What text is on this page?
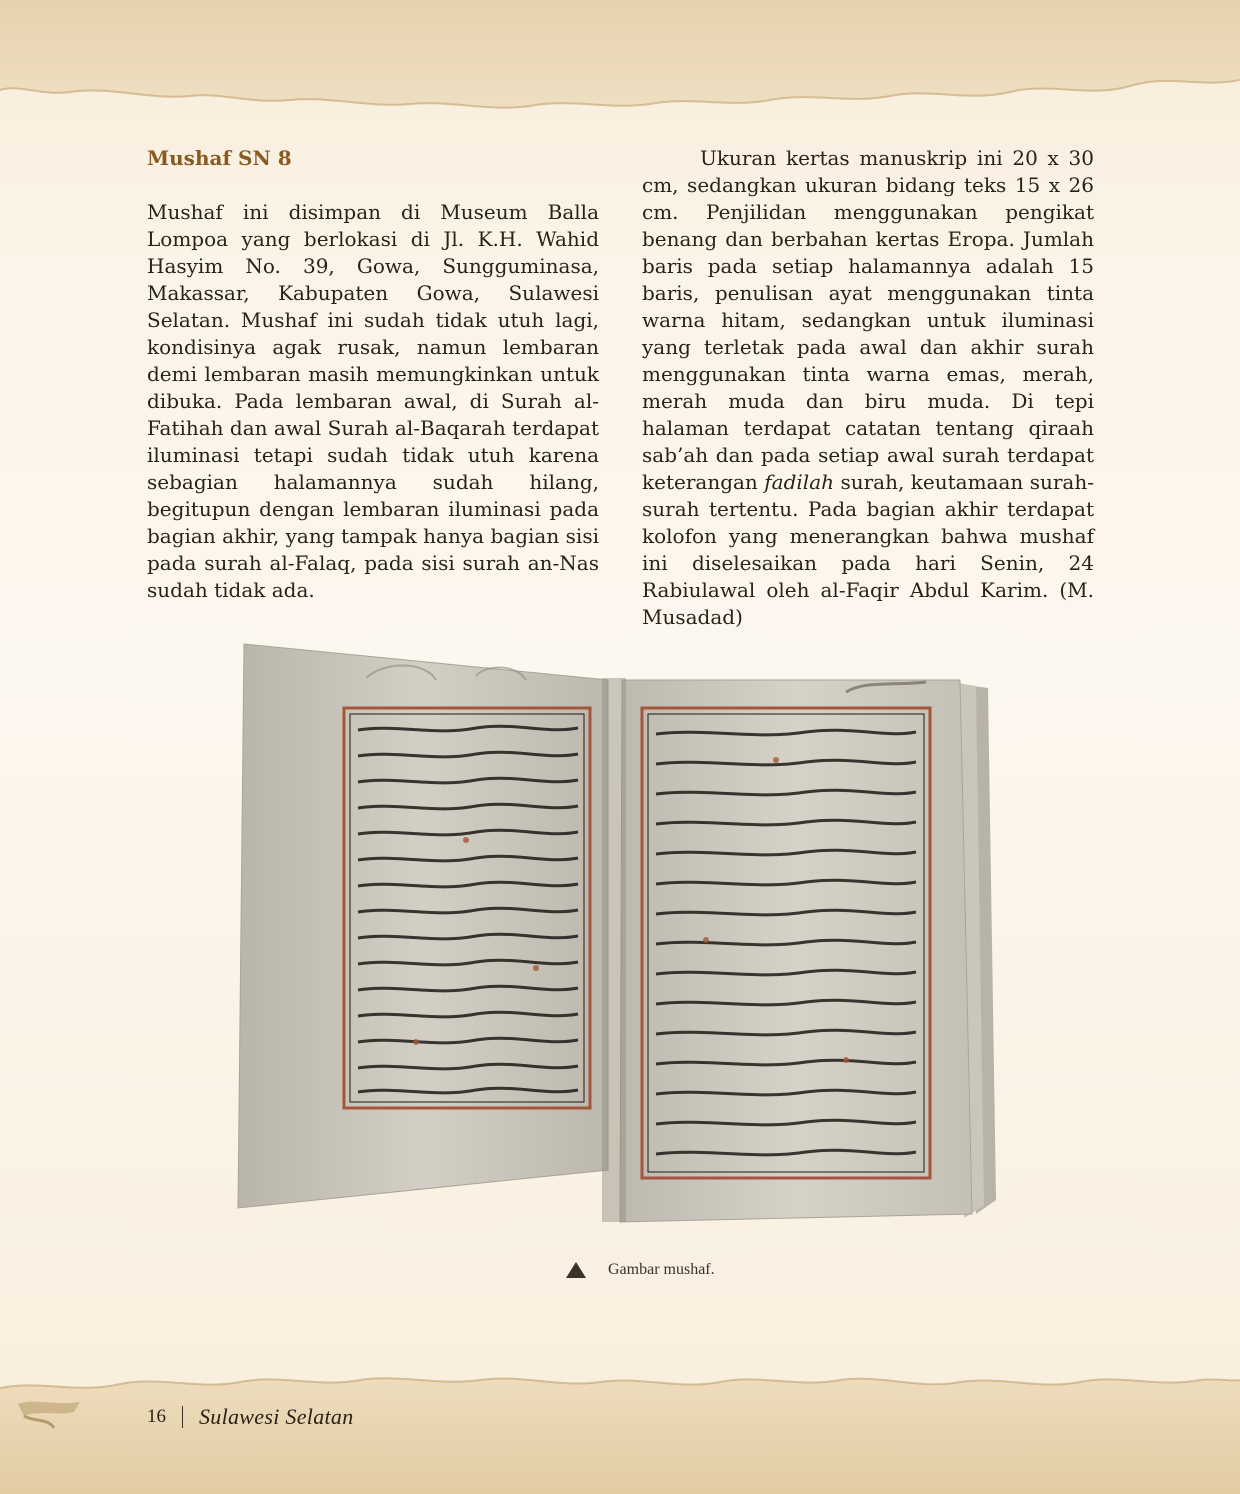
Mushaf SN 8

Mushaf ini disimpan di Museum Balla Lompoa yang berlokasi di Jl. K.H. Wahid Hasyim No. 39, Gowa, Sungguminasa, Makassar, Kabupaten Gowa, Sulawesi Selatan. Mushaf ini sudah tidak utuh lagi, kondisinya agak rusak, namun lembaran demi lembaran masih memungkinkan untuk dibuka. Pada lembaran awal, di Surah al-Fatihah dan awal Surah al-Baqarah terdapat iluminasi tetapi sudah tidak utuh karena sebagian halamannya sudah hilang, begitupun dengan lembaran iluminasi pada bagian akhir, yang tampak hanya bagian sisi pada surah al-Falaq, pada sisi surah an-Nas sudah tidak ada.

Ukuran kertas manuskrip ini 20 x 30 cm, sedangkan ukuran bidang teks 15 x 26 cm. Penjilidan menggunakan pengikat benang dan berbahan kertas Eropa. Jumlah baris pada setiap halamannya adalah 15 baris, penulisan ayat menggunakan tinta warna hitam, sedangkan untuk iluminasi yang terletak pada awal dan akhir surah menggunakan tinta warna emas, merah, merah muda dan biru muda. Di tepi halaman terdapat catatan tentang qiraah sab’ah dan pada setiap awal surah terdapat keterangan fadilah surah, keutamaan surah-surah tertentu. Pada bagian akhir terdapat kolofon yang menerangkan bahwa mushaf ini diselesaikan pada hari Senin, 24 Rabiulawal oleh al-Faqir Abdul Karim. (M. Musadad)

Gambar mushaf.
16 Sulawesi Selatan
